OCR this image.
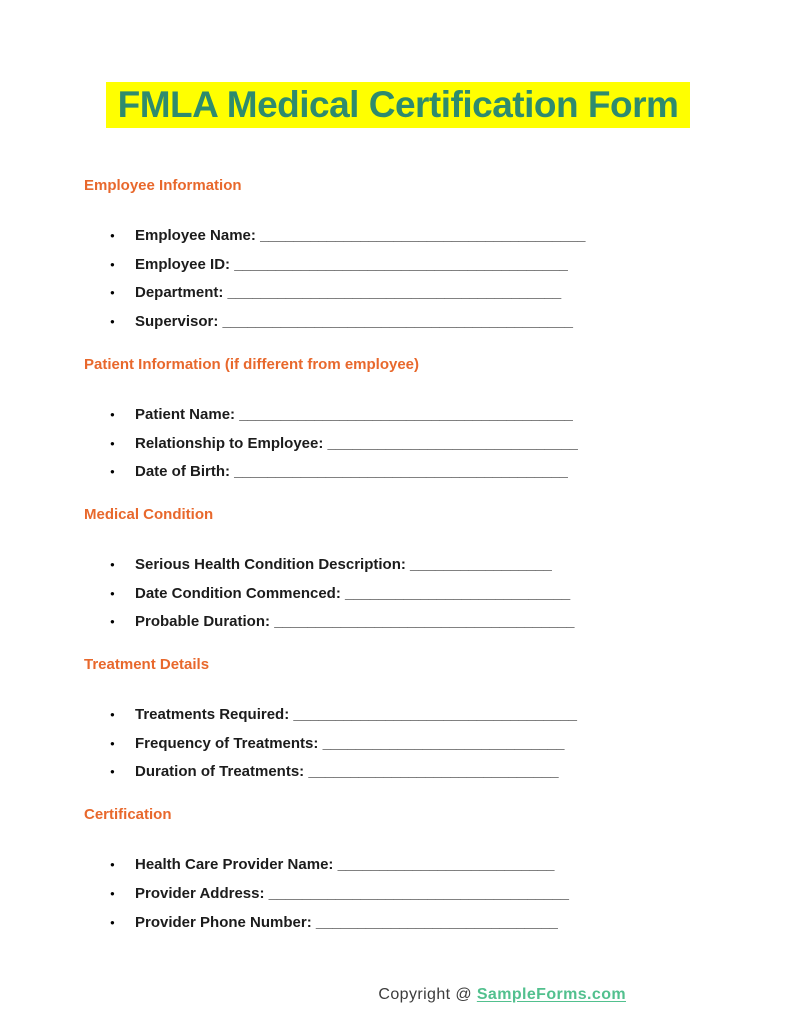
FMLA Medical Certification Form
Employee Information
● Employee Name: _______________________________________
● Employee ID: ________________________________________
● Department: ________________________________________
● Supervisor: __________________________________________
Patient Information (if different from employee)
● Patient Name: ________________________________________
● Relationship to Employee: ______________________________
● Date of Birth: ________________________________________
Medical Condition
● Serious Health Condition Description: _________________
● Date Condition Commenced: ___________________________
● Probable Duration: ____________________________________
Treatment Details
● Treatments Required: __________________________________
● Frequency of Treatments: _____________________________
● Duration of Treatments: ______________________________
Certification
● Health Care Provider Name: __________________________
● Provider Address: ____________________________________
● Provider Phone Number: _____________________________
Copyright @ SampleForms.com
